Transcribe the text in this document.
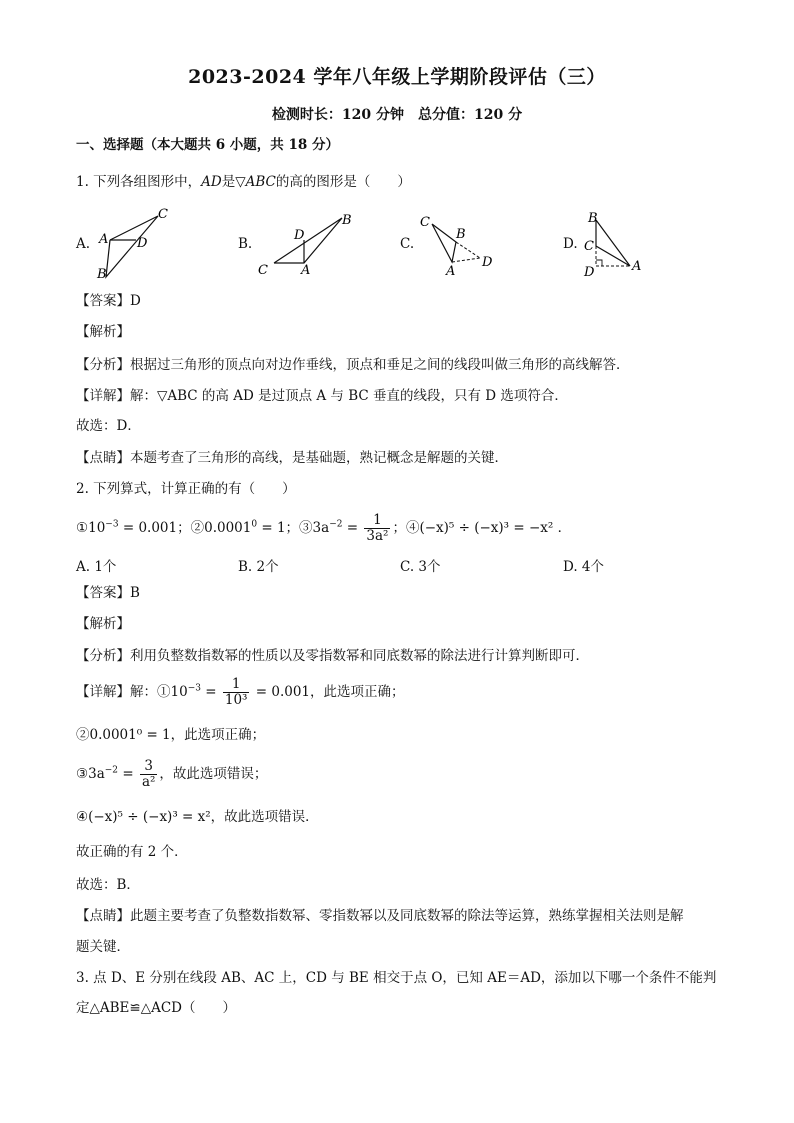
2023-2024 学年八年级上学期阶段评估（三）
检测时长：120 分钟　总分值：120 分
一、选择题（本大题共 6 小题，共 18 分）
1. 下列各组图形中，AD是▽ABC的高的图形是（　　）
A.	B.	C.	D.
C
A D
B
B
D
C	A
C
B
A
D
B
C
D	A
【答案】D
【解析】
【分析】根据过三角形的顶点向对边作垂线，顶点和垂足之间的线段叫做三角形的高线解答．
【详解】解：▽ABC 的高 AD 是过顶点 A 与 BC 垂直的线段，只有 D 选项符合．
故选：D．
【点睛】本题考查了三角形的高线，是基础题，熟记概念是解题的关键．
2. 下列算式，计算正确的有（　　）
$①10^{-3} = 0.001$；$②0.0001^0 = 1$；$③3a^{-2} = \frac{1}{\text{3a²}}$ ；④(−x)⁵ ÷ (−x)³ = −x² ．
A. 1个	B. 2个	C. 3个	D. 4个
【答案】B
【解析】
【分析】利用负整数指数幂的性质以及零指数幂和同底数幂的除法进行计算判断即可．
【详解】解：$①10^{-3} = \frac{1}{\text{10³}} = 0.001$，此选项正确；
②0.0001⁰ = 1，此选项正确；
$③3a^{-2} = \frac{3}{\text{a²}}$ ，故此选项错误；
④(−x)⁵ ÷ (−x)³ = x²，故此选项错误．
故正确的有 2 个．
故选：B．
【点睛】此题主要考查了负整数指数幂、零指数幂以及同底数幂的除法等运算，熟练掌握相关法则是解
题关键．
3. 点 D、E 分别在线段 AB、AC 上，CD 与 BE 相交于点 O，已知 AE＝AD，添加以下哪一个条件不能判
定△ABE≌△ACD（　　）
